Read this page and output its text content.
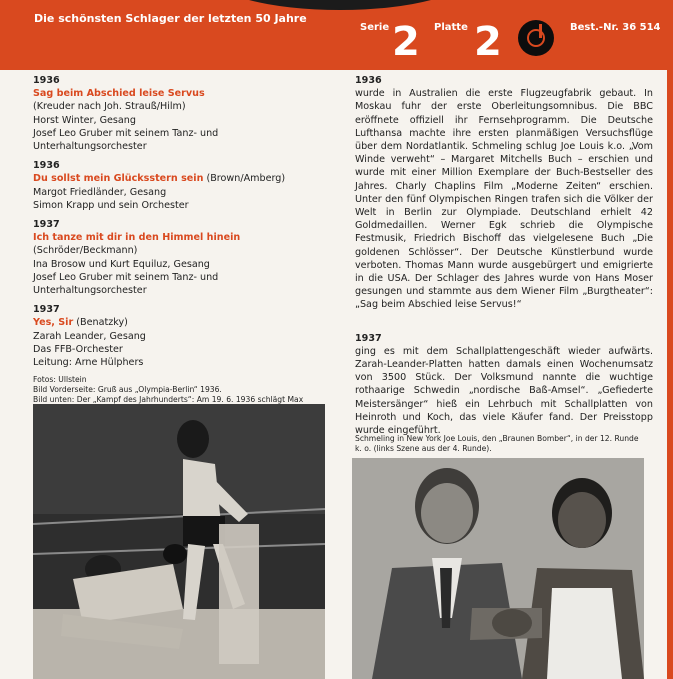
Die schönsten Schlager der letzten 50 Jahre
Serie 2 Platte 2	Best.-Nr. 36 514
1936
Sag beim Abschied leise Servus
(Kreuder nach Joh. Strauß/Hilm)
Horst Winter, Gesang
Josef Leo Gruber mit seinem Tanz- und
Unterhaltungsorchester
1936
Du sollst mein Glücksstern sein (Brown/Amberg)
Margot Friedländer, Gesang
Simon Krapp und sein Orchester
1937
Ich tanze mit dir in den Himmel hinein
(Schröder/Beckmann)
Ina Brosow und Kurt Equiluz, Gesang
Josef Leo Gruber mit seinem Tanz- und
Unterhaltungsorchester
1937
Yes, Sir (Benatzky)
Zarah Leander, Gesang
Das FFB-Orchester
Leitung: Arne Hülphers
Fotos: Ullstein
Bild Vorderseite: Gruß aus „Olympia-Berlin“ 1936.
Bild unten: Der „Kampf des Jahrhunderts“: Am 19. 6. 1936 schlägt Max
1936

wurde in Australien die erste Flugzeugfabrik gebaut. In Moskau fuhr der erste Oberleitungsomnibus. Die BBC eröffnete offiziell ihr Fernsehprogramm. Die Deutsche Lufthansa machte ihre ersten planmäßigen Versuchsflüge über dem Nordatlantik. Schmeling schlug Joe Louis k.o. „Vom Winde verweht“ – Margaret Mitchells Buch – erschien und wurde mit einer Million Exemplare der Buch-Bestseller des Jahres. Charly Chaplins Film „Moderne Zeiten“ erschien. Unter den fünf Olympischen Ringen trafen sich die Völker der Welt in Berlin zur Olympiade. Deutschland erhielt 42 Goldmedaillen. Werner Egk schrieb die Olympische Festmusik, Friedrich Bischoff das vielgelesene Buch „Die goldenen Schlösser“. Der Deutsche Künstlerbund wurde verboten. Thomas Mann wurde ausgebürgert und emigrierte in die USA. Der Schlager des Jahres wurde von Hans Moser gesungen und stammte aus dem Wiener Film „Burgtheater“: „Sag beim Abschied leise Servus!“

1937

ging es mit dem Schallplattengeschäft wieder aufwärts. Zarah-Leander-Platten hatten damals einen Wochenumsatz von 3500 Stück. Der Volksmund nannte die wuchtige rothaarige Schwedin „nordische Baß-Amsel“. „Gefiederte Meistersänger“ hieß ein Lehrbuch mit Schallplatten von Heinroth und Koch, das viele Käufer fand. Der Preisstopp wurde eingeführt.

Schmeling in New York Joe Louis, den „Braunen Bomber“, in der 12. Runde k. o. (links Szene aus der 4. Runde).
